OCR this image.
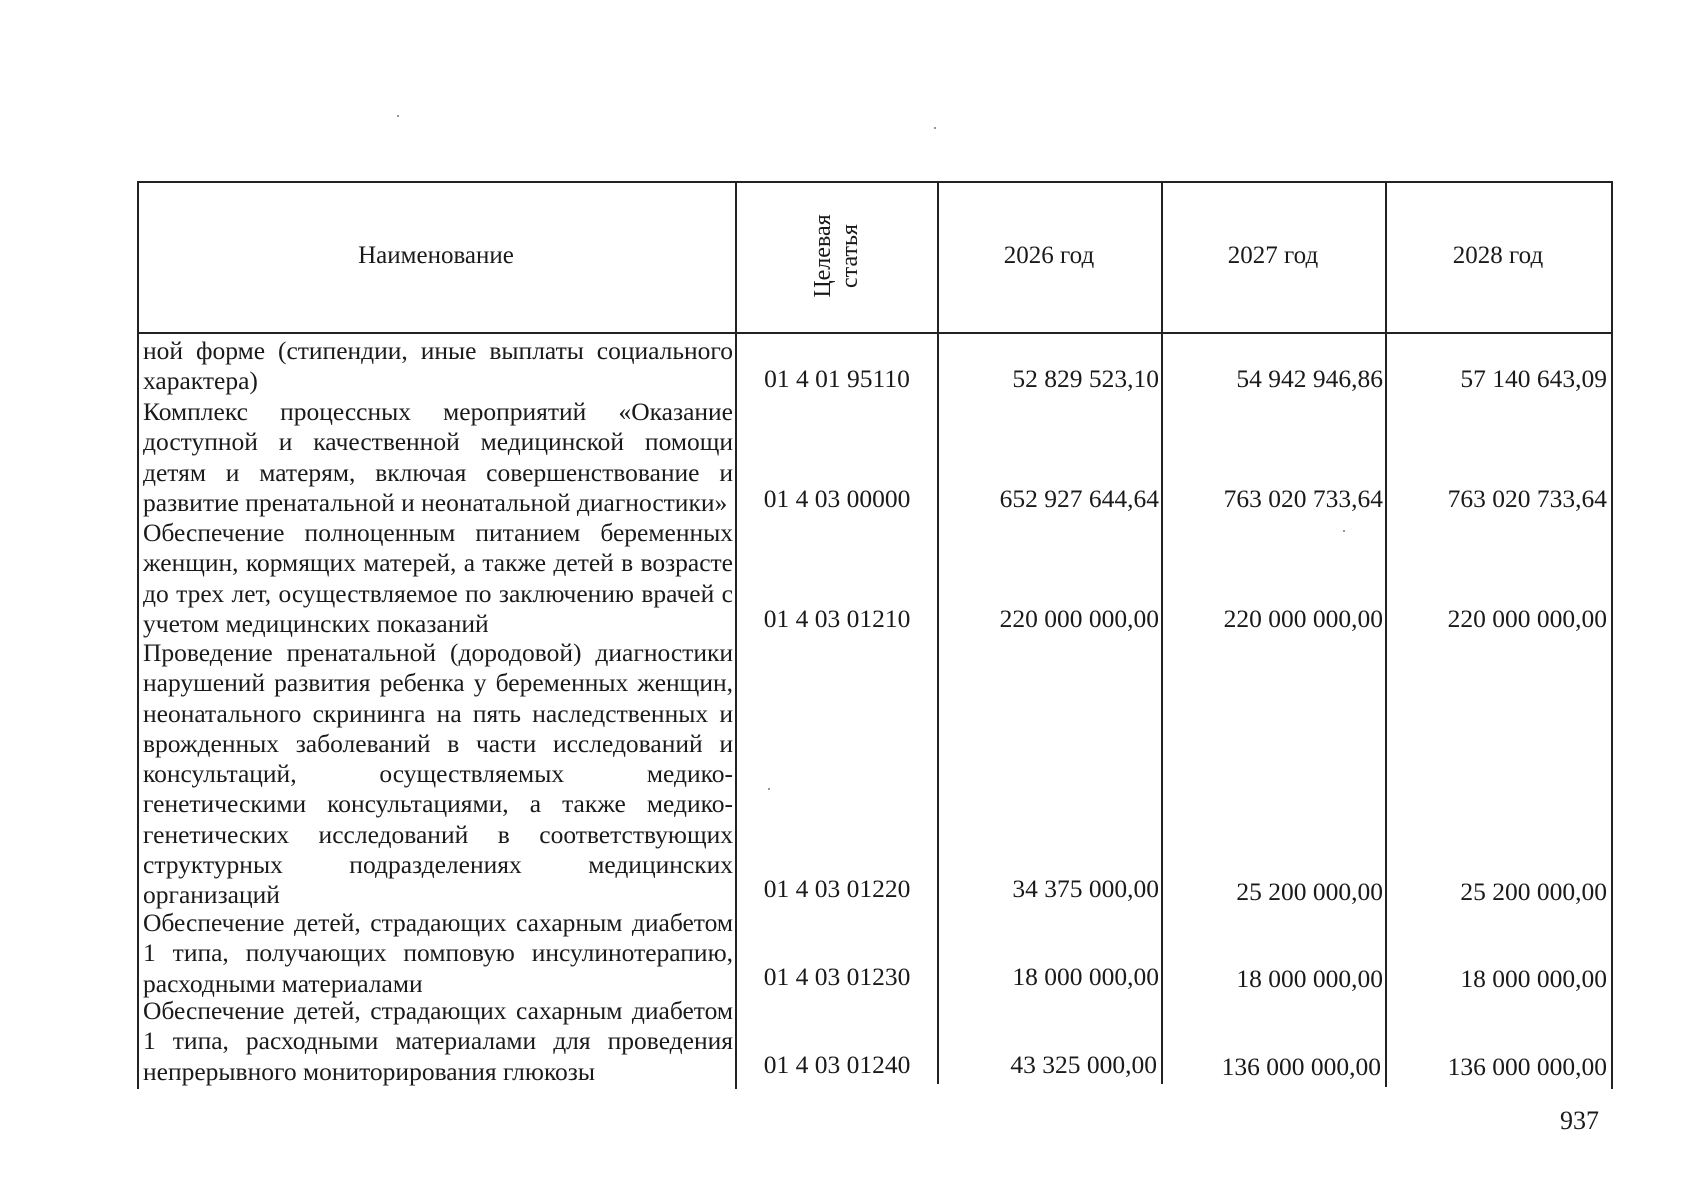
Наименование	Целевая статья	2026 год	2027 год	2028 год
ной форме (стипендии, иные выплаты социального характера)	01 4 01 95110	52 829 523,10	54 942 946,86	57 140 643,09
Комплекс процессных мероприятий «Оказание доступной и качественной медицинской помощи детям и матерям, включая совершенствование и развитие пренатальной и неонатальной диагностики»	01 4 03 00000	652 927 644,64	763 020 733,64	763 020 733,64
Обеспечение полноценным питанием беременных женщин, кормящих матерей, а также детей в возрасте до трех лет, осуществляемое по заключению врачей с учетом медицинских показаний	01 4 03 01210	220 000 000,00	220 000 000,00	220 000 000,00
Проведение пренатальной (дородовой) диагностики нарушений развития ребенка у беременных женщин, неонатального скрининга на пять наследственных и врожденных заболеваний в части исследований и консультаций, осуществляемых медико-генетическими консультациями, а также медико-генетических исследований в соответствующих структурных подразделениях медицинских организаций	01 4 03 01220	34 375 000,00	25 200 000,00	25 200 000,00
Обеспечение детей, страдающих сахарным диабетом 1 типа, получающих помповую инсулинотерапию, расходными материалами	01 4 03 01230	18 000 000,00	18 000 000,00	18 000 000,00
Обеспечение детей, страдающих сахарным диабетом 1 типа, расходными материалами для проведения непрерывного мониторирования глюкозы	01 4 03 01240	43 325 000,00	136 000 000,00	136 000 000,00
937
